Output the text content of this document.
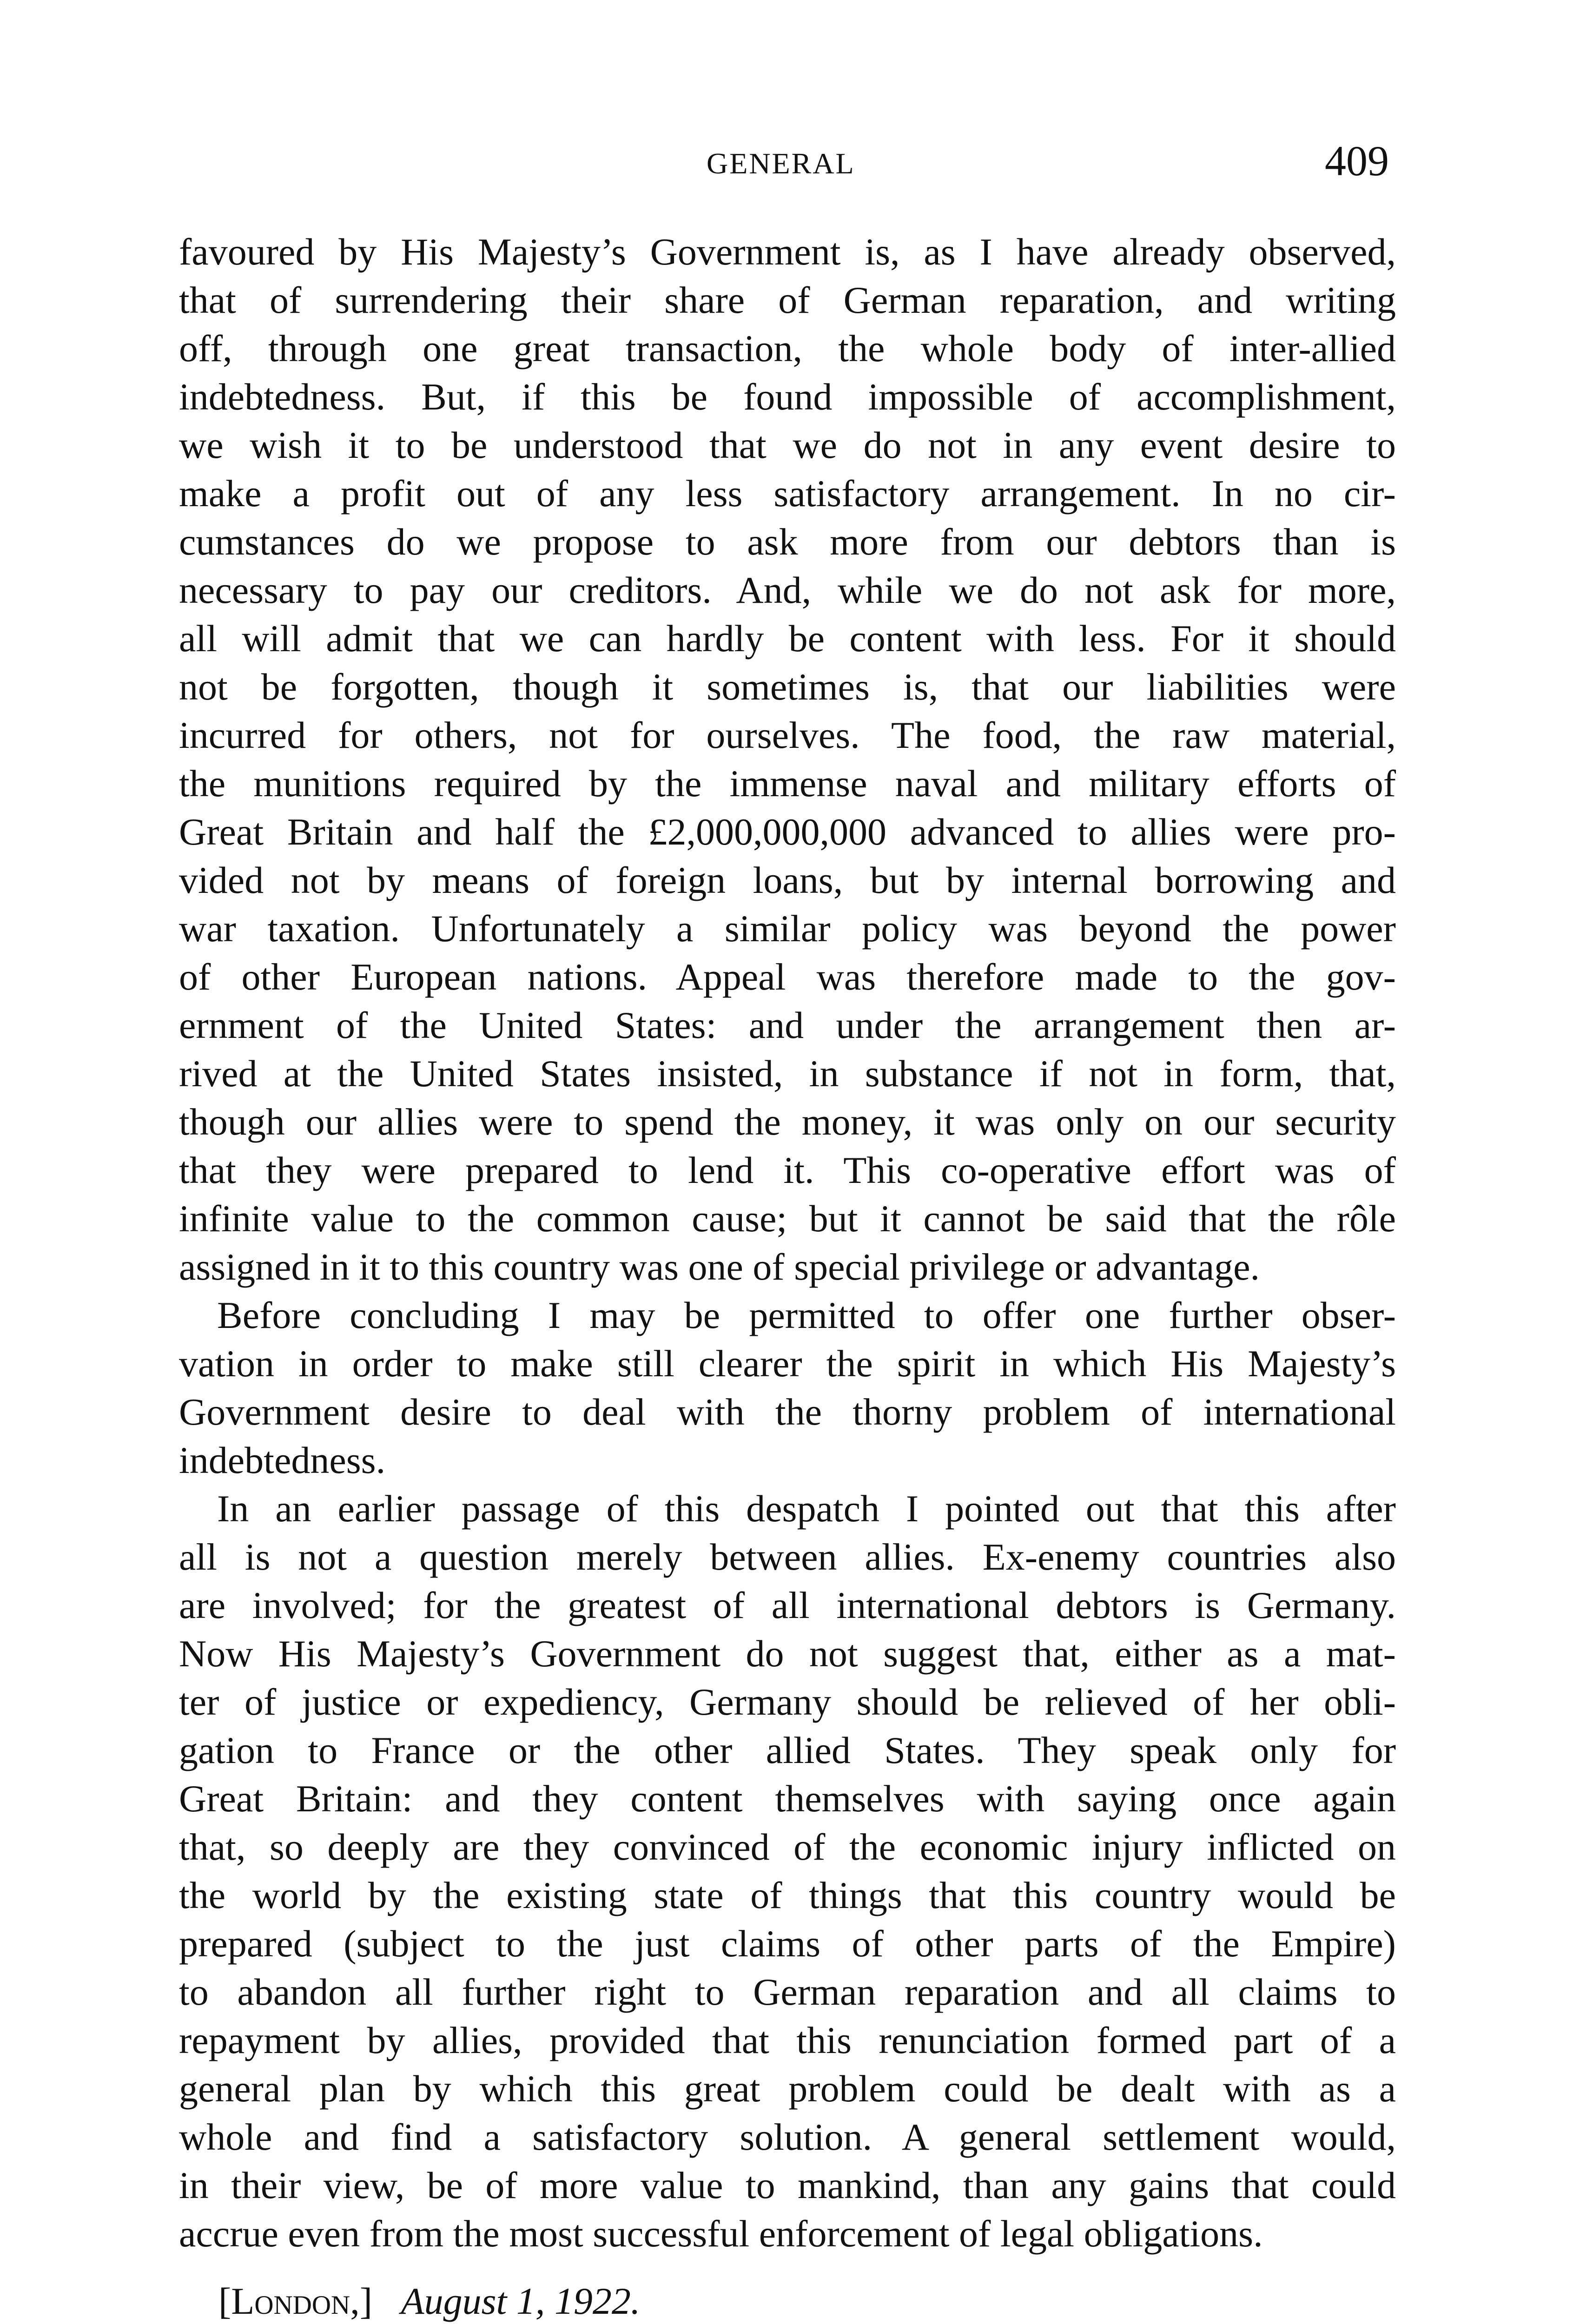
GENERAL	409

favoured by His Majesty’s Government is, as I have already observed,
that of surrendering their share of German reparation, and writing
off, through one great transaction, the whole body of inter-allied
indebtedness. But, if this be found impossible of accomplishment,
we wish it to be understood that we do not in any event desire to
make a profit out of any less satisfactory arrangement. In no cir-
cumstances do we propose to ask more from our debtors than is
necessary to pay our creditors. And, while we do not ask for more,
all will admit that we can hardly be content with less. For it should
not be forgotten, though it sometimes is, that our liabilities were
incurred for others, not for ourselves. The food, the raw material,
the munitions required by the immense naval and military efforts of
Great Britain and half the £2,000,000,000 advanced to allies were pro-
vided not by means of foreign loans, but by internal borrowing and
war taxation. Unfortunately a similar policy was beyond the power
of other European nations. Appeal was therefore made to the gov-
ernment of the United States: and under the arrangement then ar-
rived at the United States insisted, in substance if not in form, that,
though our allies were to spend the money, it was only on our security
that they were prepared to lend it. This co-operative effort was of
infinite value to the common cause; but it cannot be said that the rôle
assigned in it to this country was one of special privilege or advantage.

Before concluding I may be permitted to offer one further obser-
vation in order to make still clearer the spirit in which His Majesty’s
Government desire to deal with the thorny problem of international
indebtedness.

In an earlier passage of this despatch I pointed out that this after
all is not a question merely between allies. Ex-enemy countries also
are involved; for the greatest of all international debtors is Germany.
Now His Majesty’s Government do not suggest that, either as a mat-
ter of justice or expediency, Germany should be relieved of her obli-
gation to France or the other allied States. They speak only for
Great Britain: and they content themselves with saying once again
that, so deeply are they convinced of the economic injury inflicted on
the world by the existing state of things that this country would be
prepared (subject to the just claims of other parts of the Empire)
to abandon all further right to German reparation and all claims to
repayment by allies, provided that this renunciation formed part of a
general plan by which this great problem could be dealt with as a
whole and find a satisfactory solution. A general settlement would,
in their view, be of more value to mankind, than any gains that could
accrue even from the most successful enforcement of legal obligations.

[London,] August 1, 1922.
